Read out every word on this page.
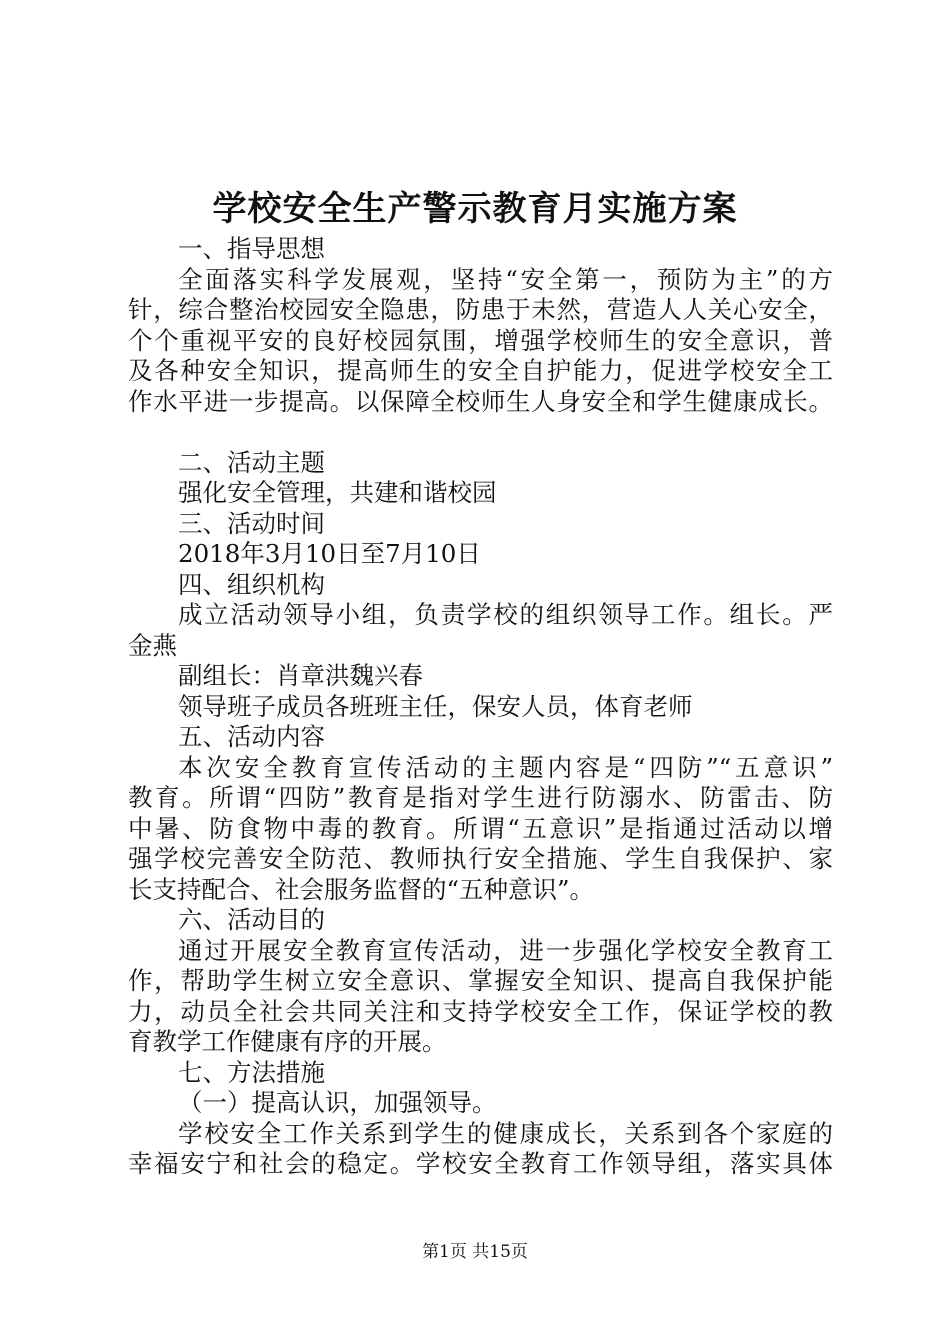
学校安全生产警示教育月实施方案
一、指导思想
全面落实科学发展观，坚持“安全第一，预防为主”的方
针，综合整治校园安全隐患，防患于未然，营造人人关心安全，
个个重视平安的良好校园氛围，增强学校师生的安全意识，普
及各种安全知识，提高师生的安全自护能力，促进学校安全工
作水平进一步提高。以保障全校师生人身安全和学生健康成长。
二、活动主题
强化安全管理，共建和谐校园
三、活动时间
2018年3月10日至7月10日
四、组织机构
成立活动领导小组，负责学校的组织领导工作。组长。严
金燕
副组长：肖章洪魏兴春
领导班子成员各班班主任，保安人员，体育老师
五、活动内容
本次安全教育宣传活动的主题内容是“四防”“五意识”
教育。所谓“四防”教育是指对学生进行防溺水、防雷击、防
中暑、防食物中毒的教育。所谓“五意识”是指通过活动以增
强学校完善安全防范、教师执行安全措施、学生自我保护、家
长支持配合、社会服务监督的“五种意识”。
六、活动目的
通过开展安全教育宣传活动，进一步强化学校安全教育工
作，帮助学生树立安全意识、掌握安全知识、提高自我保护能
力，动员全社会共同关注和支持学校安全工作，保证学校的教
育教学工作健康有序的开展。
七、方法措施
（一）提高认识，加强领导。
学校安全工作关系到学生的健康成长，关系到各个家庭的
幸福安宁和社会的稳定。学校安全教育工作领导组，落实具体
第1页 共15页
